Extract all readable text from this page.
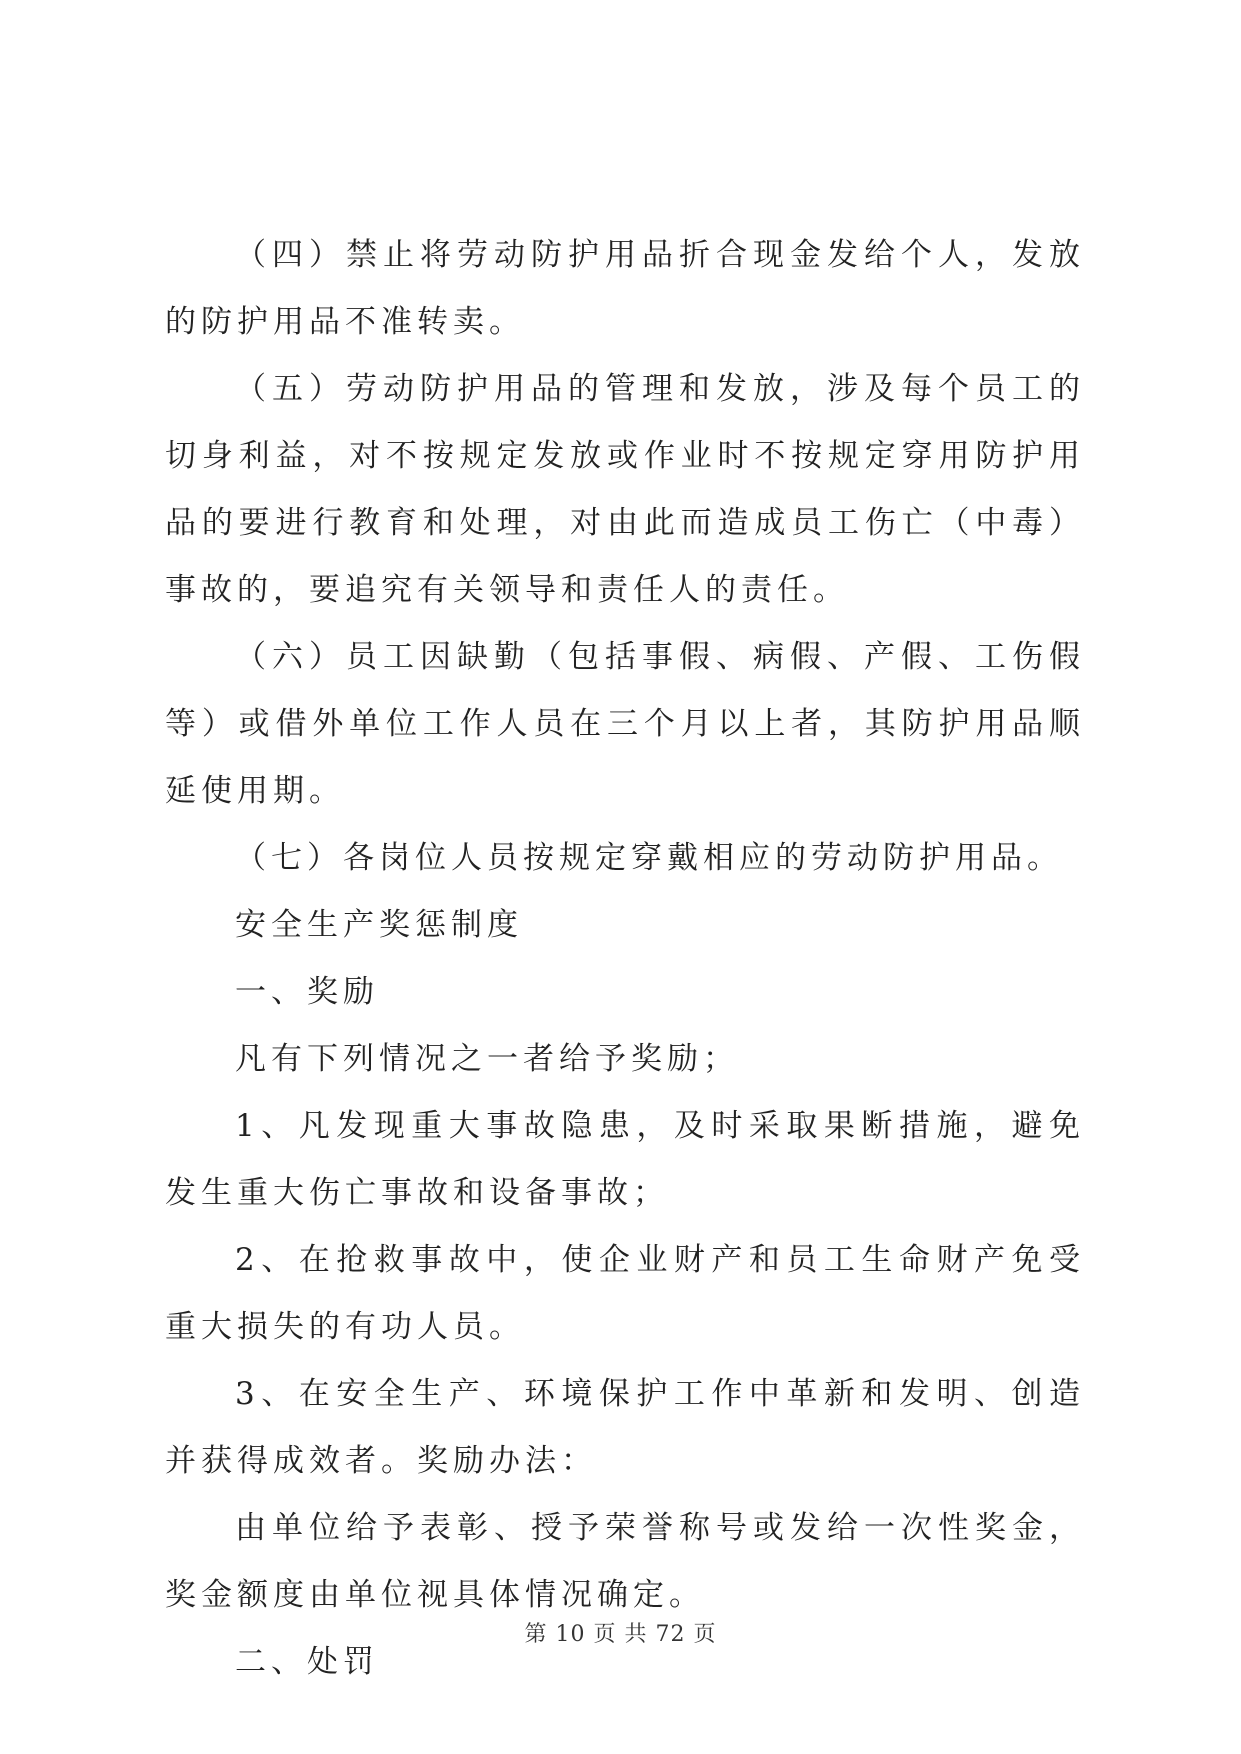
（四）禁止将劳动防护用品折合现金发给个人，发放的防护用品不准转卖。

（五）劳动防护用品的管理和发放，涉及每个员工的切身利益，对不按规定发放或作业时不按规定穿用防护用品的要进行教育和处理，对由此而造成员工伤亡（中毒）事故的，要追究有关领导和责任人的责任。

（六）员工因缺勤（包括事假、病假、产假、工伤假等）或借外单位工作人员在三个月以上者，其防护用品顺延使用期。

（七）各岗位人员按规定穿戴相应的劳动防护用品。

安全生产奖惩制度

一、奖励

凡有下列情况之一者给予奖励；

1、凡发现重大事故隐患，及时采取果断措施，避免发生重大伤亡事故和设备事故；

2、在抢救事故中，使企业财产和员工生命财产免受重大损失的有功人员。

3、在安全生产、环境保护工作中革新和发明、创造并获得成效者。奖励办法：

由单位给予表彰、授予荣誉称号或发给一次性奖金，奖金额度由单位视具体情况确定。

二、处罚

第 10 页 共 72 页
